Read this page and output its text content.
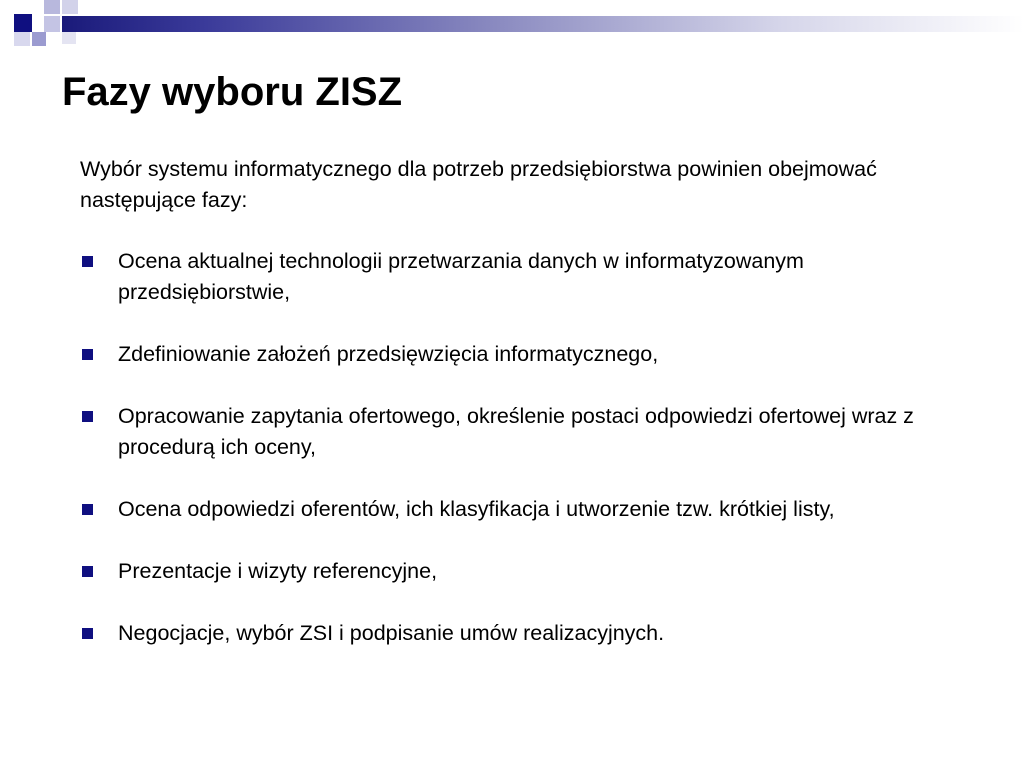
Fazy wyboru ZISZ

Wybór systemu informatycznego dla potrzeb przedsiębiorstwa powinien obejmować następujące fazy:

Ocena aktualnej technologii przetwarzania danych w informatyzowanym przedsiębiorstwie,
Zdefiniowanie założeń przedsięwzięcia informatycznego,
Opracowanie zapytania ofertowego, określenie postaci odpowiedzi ofertowej wraz z procedurą ich oceny,
Ocena odpowiedzi oferentów, ich klasyfikacja i utworzenie tzw. krótkiej listy,
Prezentacje i wizyty referencyjne,
Negocjacje, wybór ZSI i podpisanie umów realizacyjnych.
